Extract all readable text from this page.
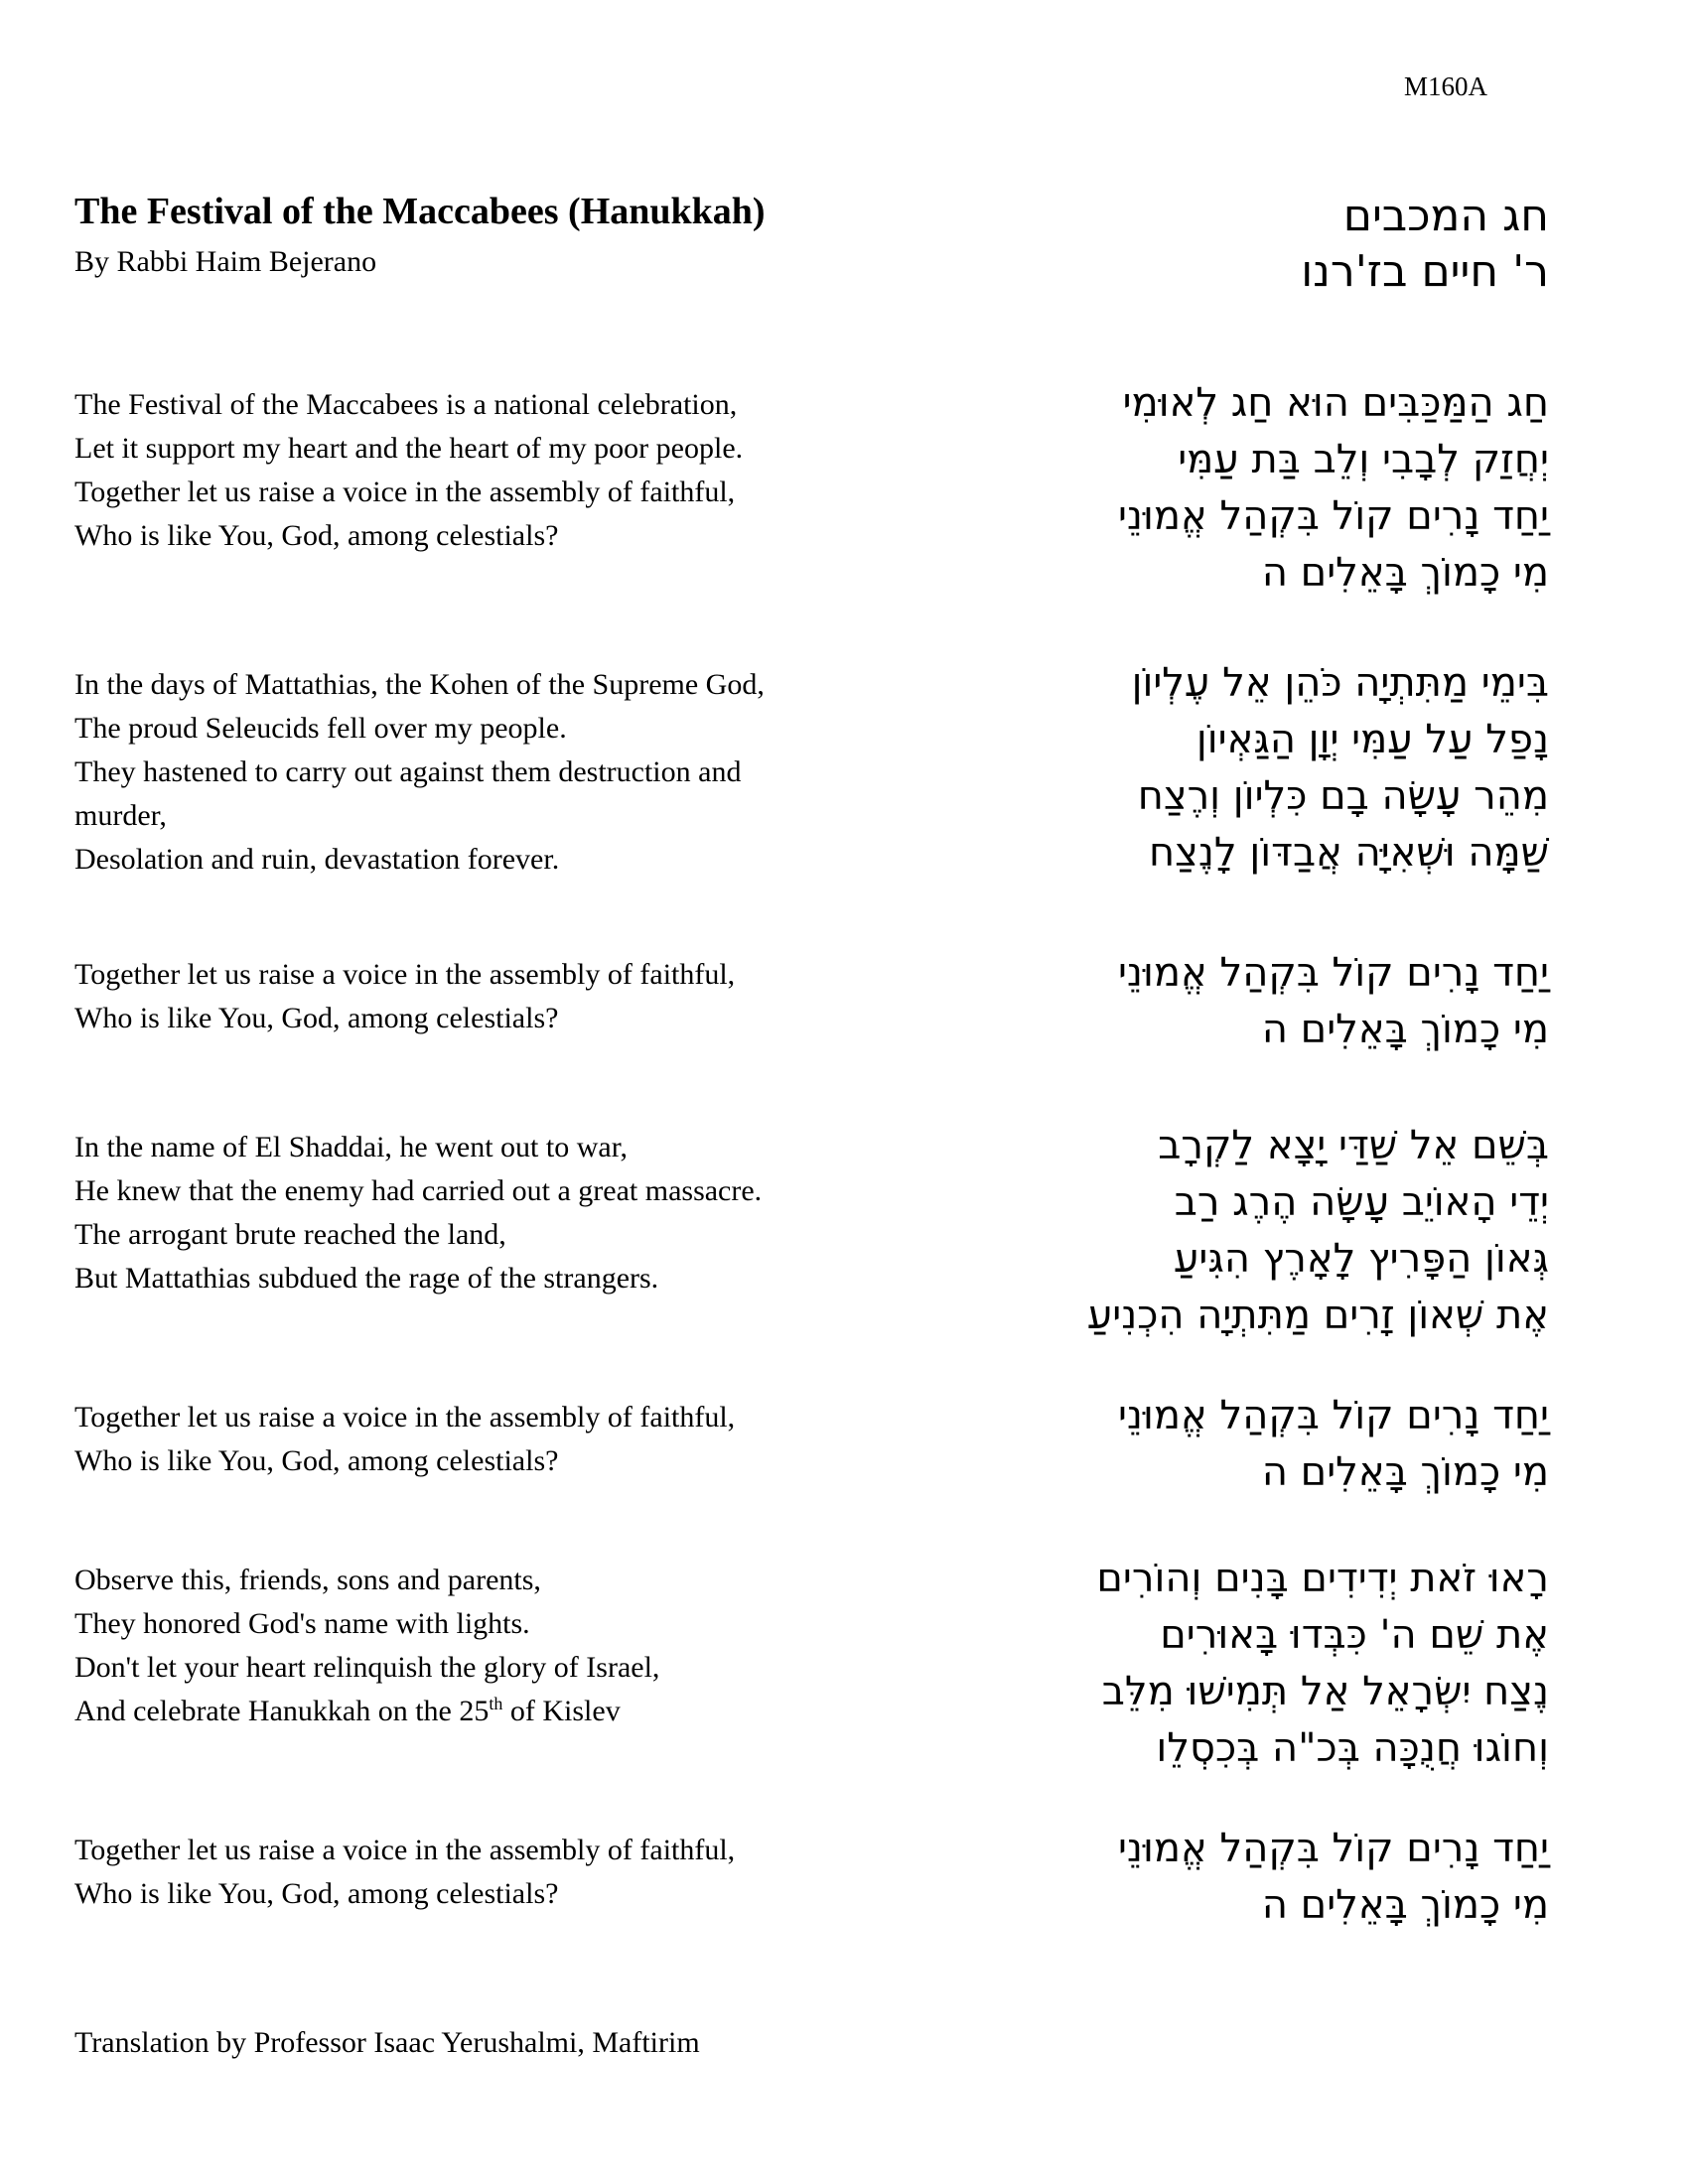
M160A
The Festival of the Maccabees (Hanukkah)
By Rabbi Haim Bejerano
חג המכבים
ר' חיים בז'רנו
The Festival of the Maccabees is a national celebration,
Let it support my heart and the heart of my poor people.
Together let us raise a voice in the assembly of faithful,
Who is like You, God, among celestials?
חַג הַמַּכַּבִּים הוּא חַג לְאוּמִי
יְחֲזַק לְבָבִי וְלֵב בַּת עַמִּי
יַחַד נָרִים קוֹל בִּקְהַל אֱמוּנֵי
מִי כָמוֹךְ בָּאֵלִים ה
In the days of Mattathias, the Kohen of the Supreme God,
The proud Seleucids fell over my people.
They hastened to carry out against them destruction and
murder,
Desolation and ruin, devastation forever.
בִּימֵי מַתִּתְיָה כֹּהֵן אֵל עֶלְיוֹן
נָפַל עַל עַמִּי יְוָן הַגַּאְיוֹן
מִהֵר עָשָׂה בָם כִּלְיוֹן וְרֶצַח
שַׁמָּה וּשְׁאִיָּה אֲבַדּוֹן לָנֶצַח
Together let us raise a voice in the assembly of faithful,
Who is like You, God, among celestials?
יַחַד נָרִים קוֹל בִּקְהַל אֱמוּנֵי
מִי כָמוֹךְ בָּאֵלִים ה
In the name of El Shaddai, he went out to war,
He knew that the enemy had carried out a great massacre.
The arrogant brute reached the land,
But Mattathias subdued the rage of the strangers.
בְּשֵׁם אֵל שַׁדַּי יָצָא לַקְרָב
יְדֵי הָאוֹיֵב עָשָׂה הֶרֶג רַב
גְּאוֹן הַפָּרִיץ לָאָרֶץ הִגִּיעַ
אֶת שְׁאוֹן זָרִים מַתִּתְיָה הִכְנִיעַ
Together let us raise a voice in the assembly of faithful,
Who is like You, God, among celestials?
יַחַד נָרִים קוֹל בִּקְהַל אֱמוּנֵי
מִי כָמוֹךְ בָּאֵלִים ה
Observe this, friends, sons and parents,
They honored God's name with lights.
Don't let your heart relinquish the glory of Israel,
And celebrate Hanukkah on the 25th of Kislev
רָאוּ זֹאת יְדִידִים בָּנִים וְהוֹרִים
אֶת שֵׁם ה' כִּבְּדוּ בָּאוּרִים
נֶצַח יִשְׂרָאֵל אַל תְּמִישׁוּ מִלֵּב
וְחוֹגוּ חֲנֻכָּה בְּכ"ה בְּכִסְלֵו
Together let us raise a voice in the assembly of faithful,
Who is like You, God, among celestials?
יַחַד נָרִים קוֹל בִּקְהַל אֱמוּנֵי
מִי כָמוֹךְ בָּאֵלִים ה
Translation by Professor Isaac Yerushalmi, Maftirim
